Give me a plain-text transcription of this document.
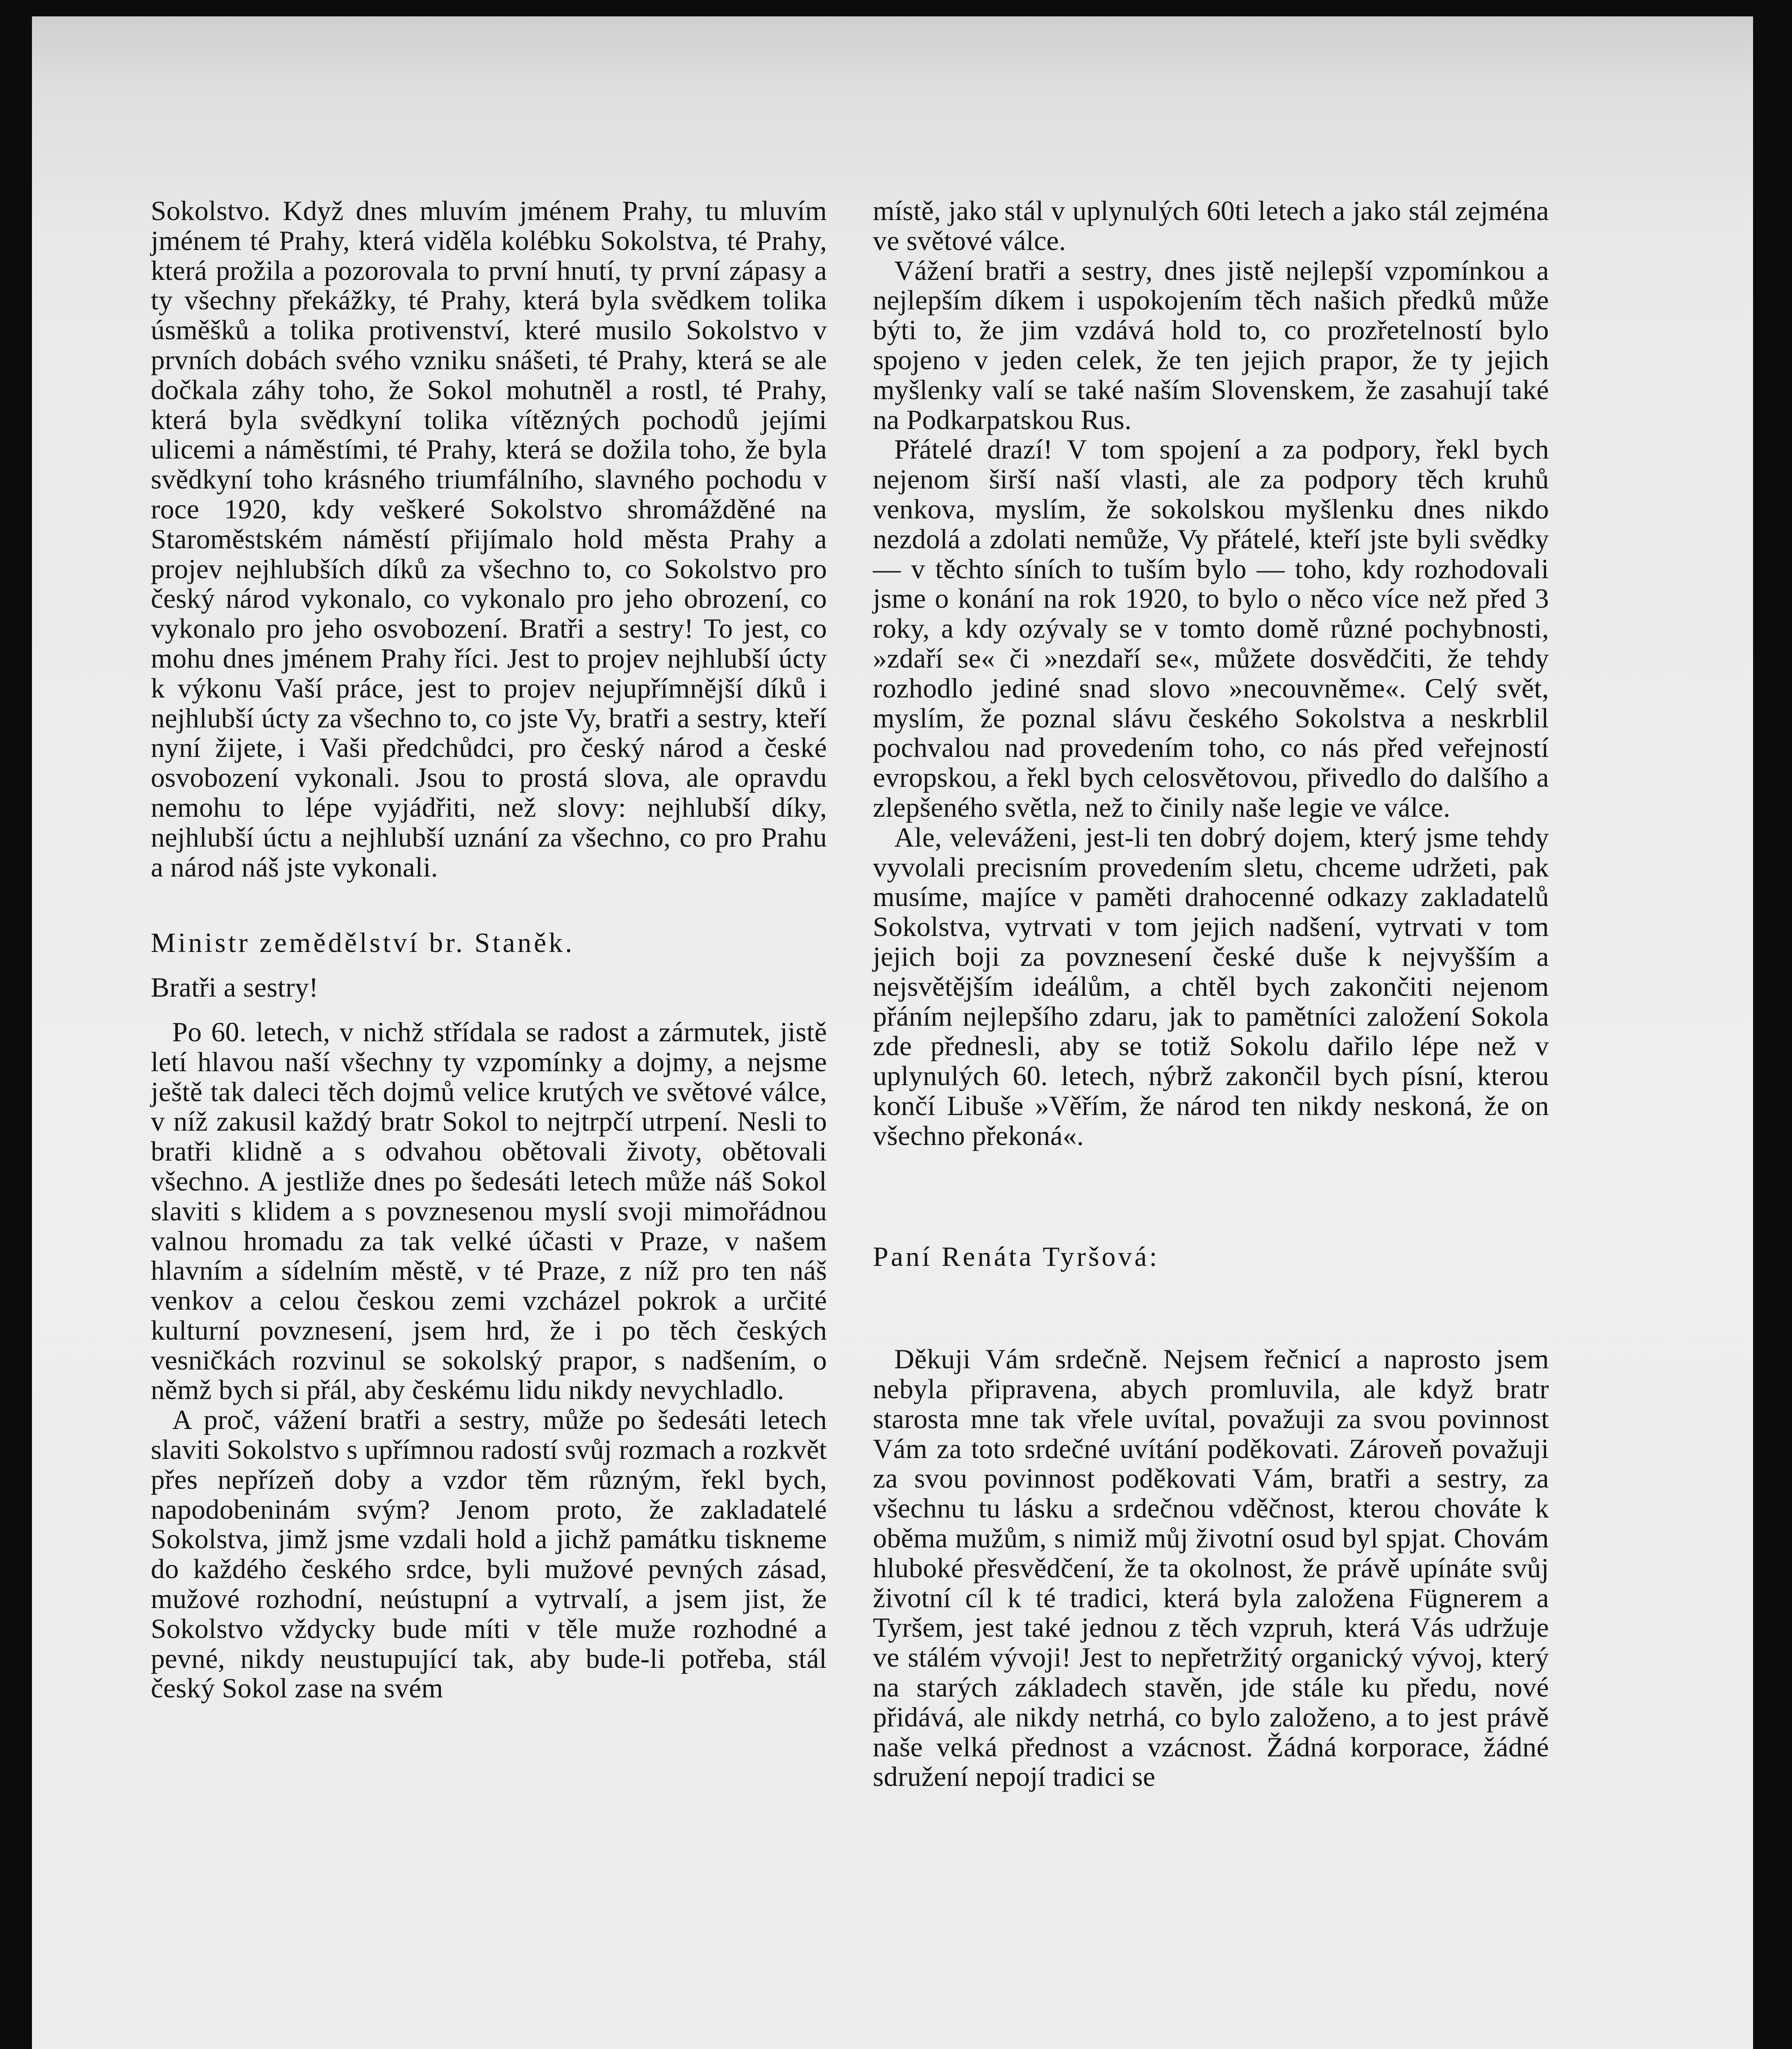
Sokolstvo. Když dnes mluvím jménem Prahy, tu mluvím jménem té Prahy, která viděla kolébku Sokolstva, té Prahy, která prožila a pozorovala to první hnutí, ty první zápasy a ty všechny překážky, té Prahy, která byla svědkem tolika úsměšků a tolika protivenství, které musilo Sokolstvo v prvních dobách svého vzniku snášeti, té Prahy, která se ale dočkala záhy toho, že Sokol mohutněl a rostl, té Prahy, která byla svědkyní tolika vítězných pochodů jejími ulicemi a náměstími, té Prahy, která se dožila toho, že byla svědkyní toho krásného triumfálního, slavného pochodu v roce 1920, kdy veškeré Sokolstvo shromážděné na Staroměstském náměstí přijímalo hold města Prahy a projev nejhlubších díků za všechno to, co Sokolstvo pro český národ vykonalo, co vykonalo pro jeho obrození, co vykonalo pro jeho osvobození. Bratři a sestry! To jest, co mohu dnes jménem Prahy říci. Jest to projev nejhlubší úcty k výkonu Vaší práce, jest to projev nejupřímnější díků i nejhlubší úcty za všechno to, co jste Vy, bratři a sestry, kteří nyní žijete, i Vaši předchůdci, pro český národ a české osvobození vykonali. Jsou to prostá slova, ale opravdu nemohu to lépe vyjádřiti, než slovy: nejhlubší díky, nejhlubší úctu a nejhlubší uznání za všechno, co pro Prahu a národ náš jste vykonali.

Ministr zemědělství br. Staněk.

Bratři a sestry!

Po 60. letech, v nichž střídala se radost a zármutek, jistě letí hlavou naší všechny ty vzpomínky a dojmy, a nejsme ještě tak daleci těch dojmů velice krutých ve světové válce, v níž zakusil každý bratr Sokol to nejtrpčí utrpení. Nesli to bratři klidně a s odvahou obětovali životy, obětovali všechno. A jestliže dnes po šedesáti letech může náš Sokol slaviti s klidem a s povznesenou myslí svoji mimořádnou valnou hromadu za tak velké účasti v Praze, v našem hlavním a sídelním městě, v té Praze, z níž pro ten náš venkov a celou českou zemi vzcházel pokrok a určité kulturní povznesení, jsem hrd, že i po těch českých vesničkách rozvinul se sokolský prapor, s nadšením, o němž bych si přál, aby českému lidu nikdy nevychladlo.

A proč, vážení bratři a sestry, může po šedesáti letech slaviti Sokolstvo s upřímnou radostí svůj rozmach a rozkvět přes nepřízeň doby a vzdor těm různým, řekl bych, napodobeninám svým? Jenom proto, že zakladatelé Sokolstva, jimž jsme vzdali hold a jichž památku tiskneme do každého českého srdce, byli mužové pevných zásad, mužové rozhodní, neústupní a vytrvalí, a jsem jist, že Sokolstvo vždycky bude míti v těle muže rozhodné a pevné, nikdy neustupující tak, aby bude-li potřeba, stál český Sokol zase na svém

místě, jako stál v uplynulých 60ti letech a jako stál zejména ve světové válce.

Vážení bratři a sestry, dnes jistě nejlepší vzpomínkou a nejlepším díkem i uspokojením těch našich předků může býti to, že jim vzdává hold to, co prozřetelností bylo spojeno v jeden celek, že ten jejich prapor, že ty jejich myšlenky valí se také naším Slovenskem, že zasahují také na Podkarpatskou Rus.

Přátelé drazí! V tom spojení a za podpory, řekl bych nejenom širší naší vlasti, ale za podpory těch kruhů venkova, myslím, že sokolskou myšlenku dnes nikdo nezdolá a zdolati nemůže, Vy přátelé, kteří jste byli svědky — v těchto síních to tuším bylo — toho, kdy rozhodovali jsme o konání na rok 1920, to bylo o něco více než před 3 roky, a kdy ozývaly se v tomto domě různé pochybnosti, »zdaří se« či »nezdaří se«, můžete dosvědčiti, že tehdy rozhodlo jediné snad slovo »necouvněme«. Celý svět, myslím, že poznal slávu českého Sokolstva a neskrblil pochvalou nad provedením toho, co nás před veřejností evropskou, a řekl bych celosvětovou, přivedlo do dalšího a zlepšeného světla, než to činily naše legie ve válce.

Ale, veleváženi, jest-li ten dobrý dojem, který jsme tehdy vyvolali precisním provedením sletu, chceme udržeti, pak musíme, majíce v paměti drahocenné odkazy zakladatelů Sokolstva, vytrvati v tom jejich nadšení, vytrvati v tom jejich boji za povznesení české duše k nejvyšším a nejsvětějším ideálům, a chtěl bych zakončiti nejenom přáním nejlepšího zdaru, jak to pamětníci založení Sokola zde přednesli, aby se totiž Sokolu dařilo lépe než v uplynulých 60. letech, nýbrž zakončil bych písní, kterou končí Libuše »Věřím, že národ ten nikdy neskoná, že on všechno překoná«.

Paní Renáta Tyršová:

Děkuji Vám srdečně. Nejsem řečnicí a naprosto jsem nebyla připravena, abych promluvila, ale když bratr starosta mne tak vřele uvítal, považuji za svou povinnost Vám za toto srdečné uvítání poděkovati. Zároveň považuji za svou povinnost poděkovati Vám, bratři a sestry, za všechnu tu lásku a srdečnou vděčnost, kterou chováte k oběma mužům, s nimiž můj životní osud byl spjat. Chovám hluboké přesvědčení, že ta okolnost, že právě upínáte svůj životní cíl k té tradici, která byla založena Fügnerem a Tyršem, jest také jednou z těch vzpruh, která Vás udržuje ve stálém vývoji! Jest to nepřetržitý organický vývoj, který na starých základech stavěn, jde stále ku předu, nové přidává, ale nikdy netrhá, co bylo založeno, a to jest právě naše velká přednost a vzácnost. Žádná korporace, žádné sdružení nepojí tradici se
